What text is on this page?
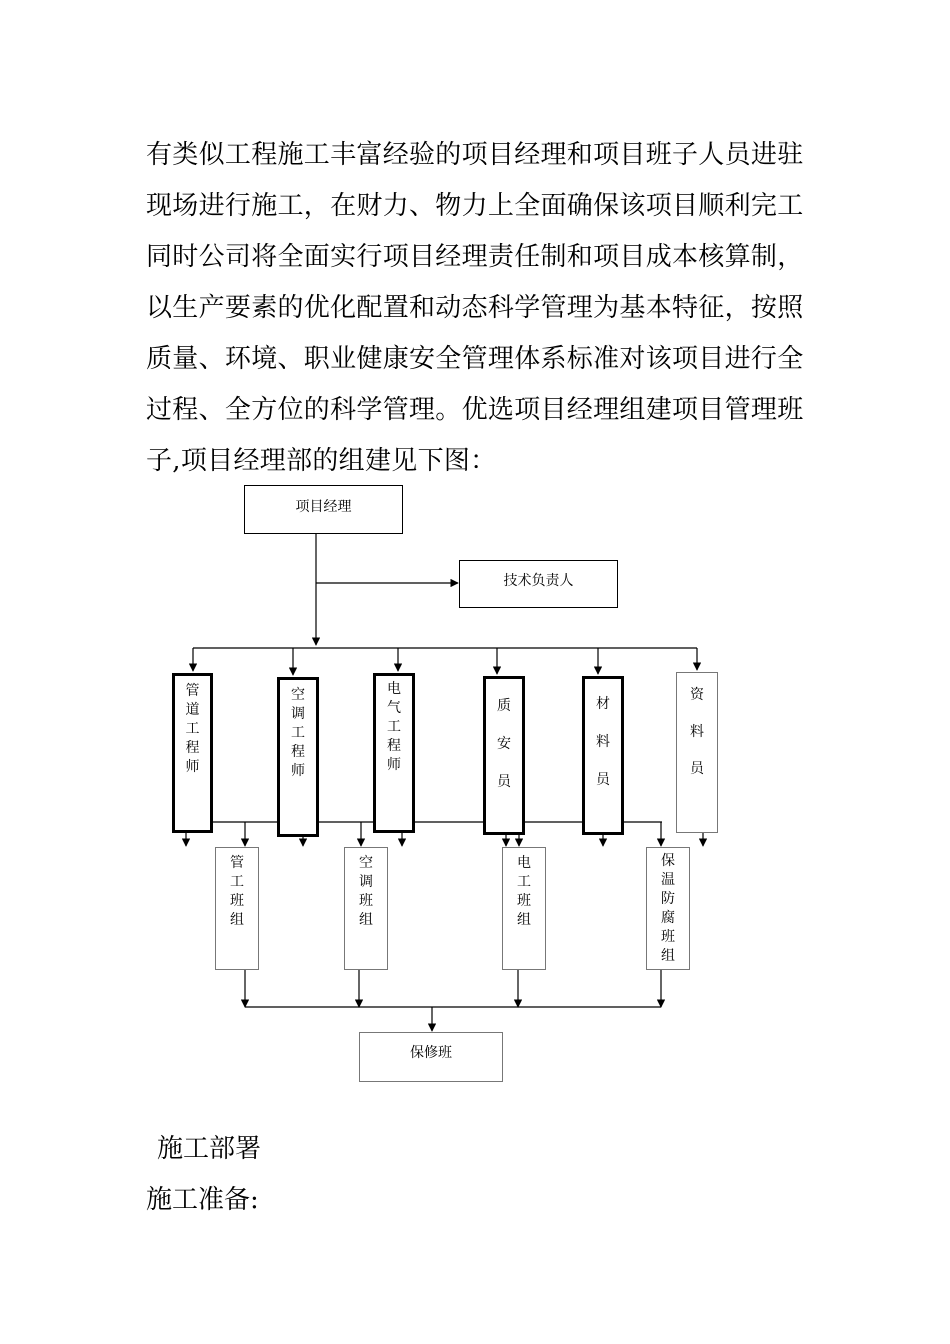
有类似工程施工丰富经验的项目经理和项目班子人员进驻
现场进行施工，在财力、物力上全面确保该项目顺利完工
同时公司将全面实行项目经理责任制和项目成本核算制，
以生产要素的优化配置和动态科学管理为基本特征，按照
质量、环境、职业健康安全管理体系标准对该项目进行全
过程、全方位的科学管理。优选项目经理组建项目管理班
子,项目经理部的组建见下图：
项目经理
技术负责人
管
道
工
程
师
空
调
工
程
师
电
气
工
程
师
质
安
员
材
料
员
资
料
员
管
工
班
组
空
调
班
组
电
工
班
组
保
温
防
腐
班
组
保修班
施工部署
施工准备:
